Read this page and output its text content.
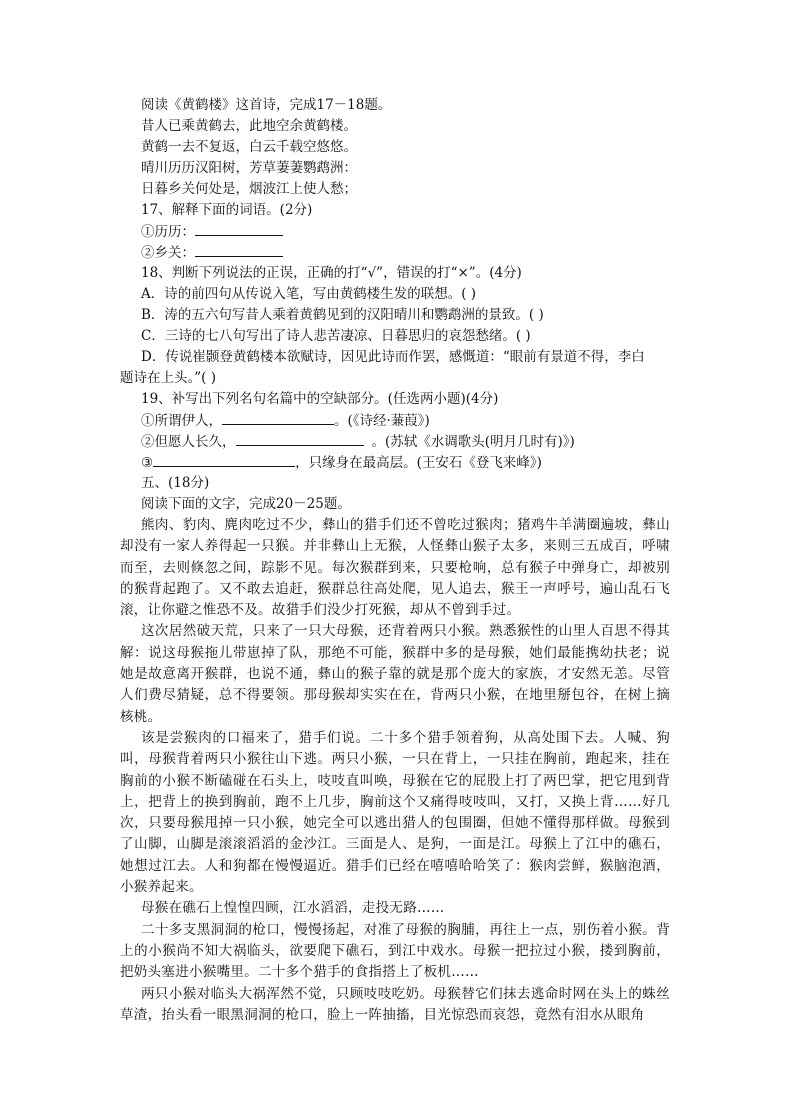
阅读《黄鹤楼》这首诗，完成17－18题。
昔人已乘黄鹤去，此地空余黄鹤楼。
黄鹤一去不复返，白云千载空悠悠。
晴川历历汉阳树，芳草萋萋鹦鹉洲：
日暮乡关何处是，烟波江上使人愁；
17、解释下面的词语。(2分)
①历历：
②乡关：
18、判断下列说法的正误，正确的打“√”，错误的打“×”。(4分)
A．诗的前四句从传说入笔，写由黄鹤楼生发的联想。( )
B．涛的五六句写昔人乘着黄鹤见到的汉阳晴川和鹦鹉洲的景致。( )
C．三诗的七八句写出了诗人悲苦凄凉、日暮思归的哀怨愁绪。( )
D．传说崔颢登黄鹤楼本欲赋诗，因见此诗而作罢，感慨道：“眼前有景道不得，李白
题诗在上头。”( )
19、补写出下列名句名篇中的空缺部分。(任选两小题)(4分)
①所谓伊人，	。(《诗经·蒹葭》)
②但愿人长久，	。(苏轼《水调歌头(明月几时有)》)
③	，只缘身在最高层。(王安石《登飞来峰》)
五、(18分)
阅读下面的文字，完成20－25题。

熊肉、豹肉、麂肉吃过不少，彝山的猎手们还不曾吃过猴肉；猪鸡牛羊满圈遍坡，彝山却没有一家人养得起一只猴。并非彝山上无猴，人怪彝山猴子太多，来则三五成百，呼啸而至，去则倏忽之间，踪影不见。每次猴群到来，只要枪响，总有猴子中弹身亡，却被别的猴背起跑了。又不敢去追赶，猴群总往高处爬，见人追去，猴王一声呼号，遍山乱石飞滚，让你避之惟恐不及。故猎手们没少打死猴，却从不曾到手过。

这次居然破天荒，只来了一只大母猴，还背着两只小猴。熟悉猴性的山里人百思不得其解：说这母猴拖儿带崽掉了队，那绝不可能，猴群中多的是母猴，她们最能携幼扶老；说她是故意离开猴群，也说不通，彝山的猴子靠的就是那个庞大的家族，才安然无恙。尽管人们费尽猜疑，总不得要领。那母猴却实实在在，背两只小猴，在地里掰包谷，在树上摘核桃。

该是尝猴肉的口福来了，猎手们说。二十多个猎手领着狗，从高处围下去。人喊、狗叫，母猴背着两只小猴往山下逃。两只小猴，一只在背上，一只挂在胸前，跑起来，挂在胸前的小猴不断磕碰在石头上，吱吱直叫唤，母猴在它的屁股上打了两巴掌，把它甩到背上，把背上的换到胸前，跑不上几步，胸前这个又痛得吱吱叫，又打，又换上背……好几次，只要母猴甩掉一只小猴，她完全可以逃出猎人的包围圈，但她不懂得那样做。母猴到了山脚，山脚是滚滚滔滔的金沙江。三面是人、是狗，一面是江。母猴上了江中的礁石，她想过江去。人和狗都在慢慢逼近。猎手们已经在嘻嘻哈哈笑了：猴肉尝鲜，猴脑泡酒，小猴养起来。

母猴在礁石上惶惶四顾，江水滔滔，走投无路……

二十多支黑洞洞的枪口，慢慢扬起，对准了母猴的胸脯，再往上一点，别伤着小猴。背上的小猴尚不知大祸临头，欲要爬下礁石，到江中戏水。母猴一把拉过小猴，搂到胸前，把奶头塞进小猴嘴里。二十多个猎手的食指搭上了板机……

两只小猴对临头大祸浑然不觉，只顾吱吱吃奶。母猴替它们抹去逃命时网在头上的蛛丝草渣，抬头看一眼黑洞洞的枪口，脸上一阵抽搐，目光惊恐而哀怨，竟然有泪水从眼角
